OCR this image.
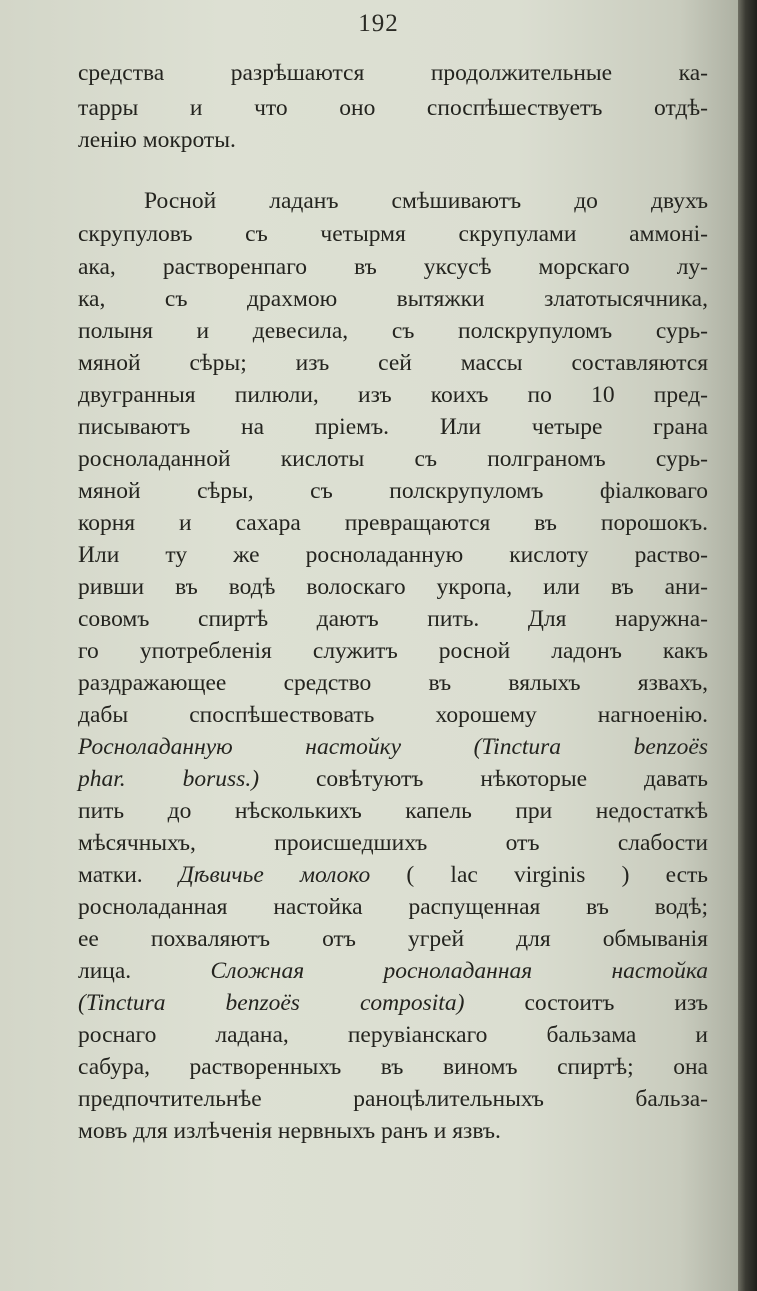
192
средства разрѣшаются продолжительные ка-
тарры и что оно споспѣшествуетъ отдѣ-
ленію мокроты.
Росной ладанъ смѣшиваютъ до двухъ
скрупуловъ съ четырмя скрупулами аммоні-
ака, растворенпаго въ уксусѣ морскаго лу-
ка, съ драхмою вытяжки златотысячника,
полыня и девесила, съ полскрупуломъ сурь-
мяной сѣры; изъ сей массы составляются
двугранныя пилюли, изъ коихъ по 10 пред-
писываютъ на пріемъ. Или четыре грана
росноладанной кислоты съ полграномъ сурь-
мяной сѣры, съ полскрупуломъ фіалковаго
корня и сахара превращаются въ порошокъ.
Или ту же росноладанную кислоту раство-
ривши въ водѣ волоскаго укропа, или въ ани-
совомъ спиртѣ даютъ пить. Для наружна-
го употребленія служитъ росной ладонъ какъ
раздражающее средство въ вялыхъ язвахъ,
дабы споспѣшествовать хорошему нагноенію.
Росноладанную настойку (Tinctura benzoës
phar. boruss.) совѣтуютъ нѣкоторые давать
пить до нѣсколькихъ капель при недостаткѣ
мѣсячныхъ, происшедшихъ отъ слабости
матки. Дѣвичье молоко ( lac virginis ) есть
росноладанная настойка распущенная въ водѣ;
ее похваляютъ отъ угрей для обмыванія
лица. Сложная росноладанная настойка
(Tinctura benzoës composita) состоитъ изъ
роснаго ладана, перувіанскаго бальзама и
сабура, растворенныхъ въ виномъ спиртѣ; она
предпочтительнѣе раноцѣлительныхъ бальза-
мовъ для излѣченія нервныхъ ранъ и язвъ.
